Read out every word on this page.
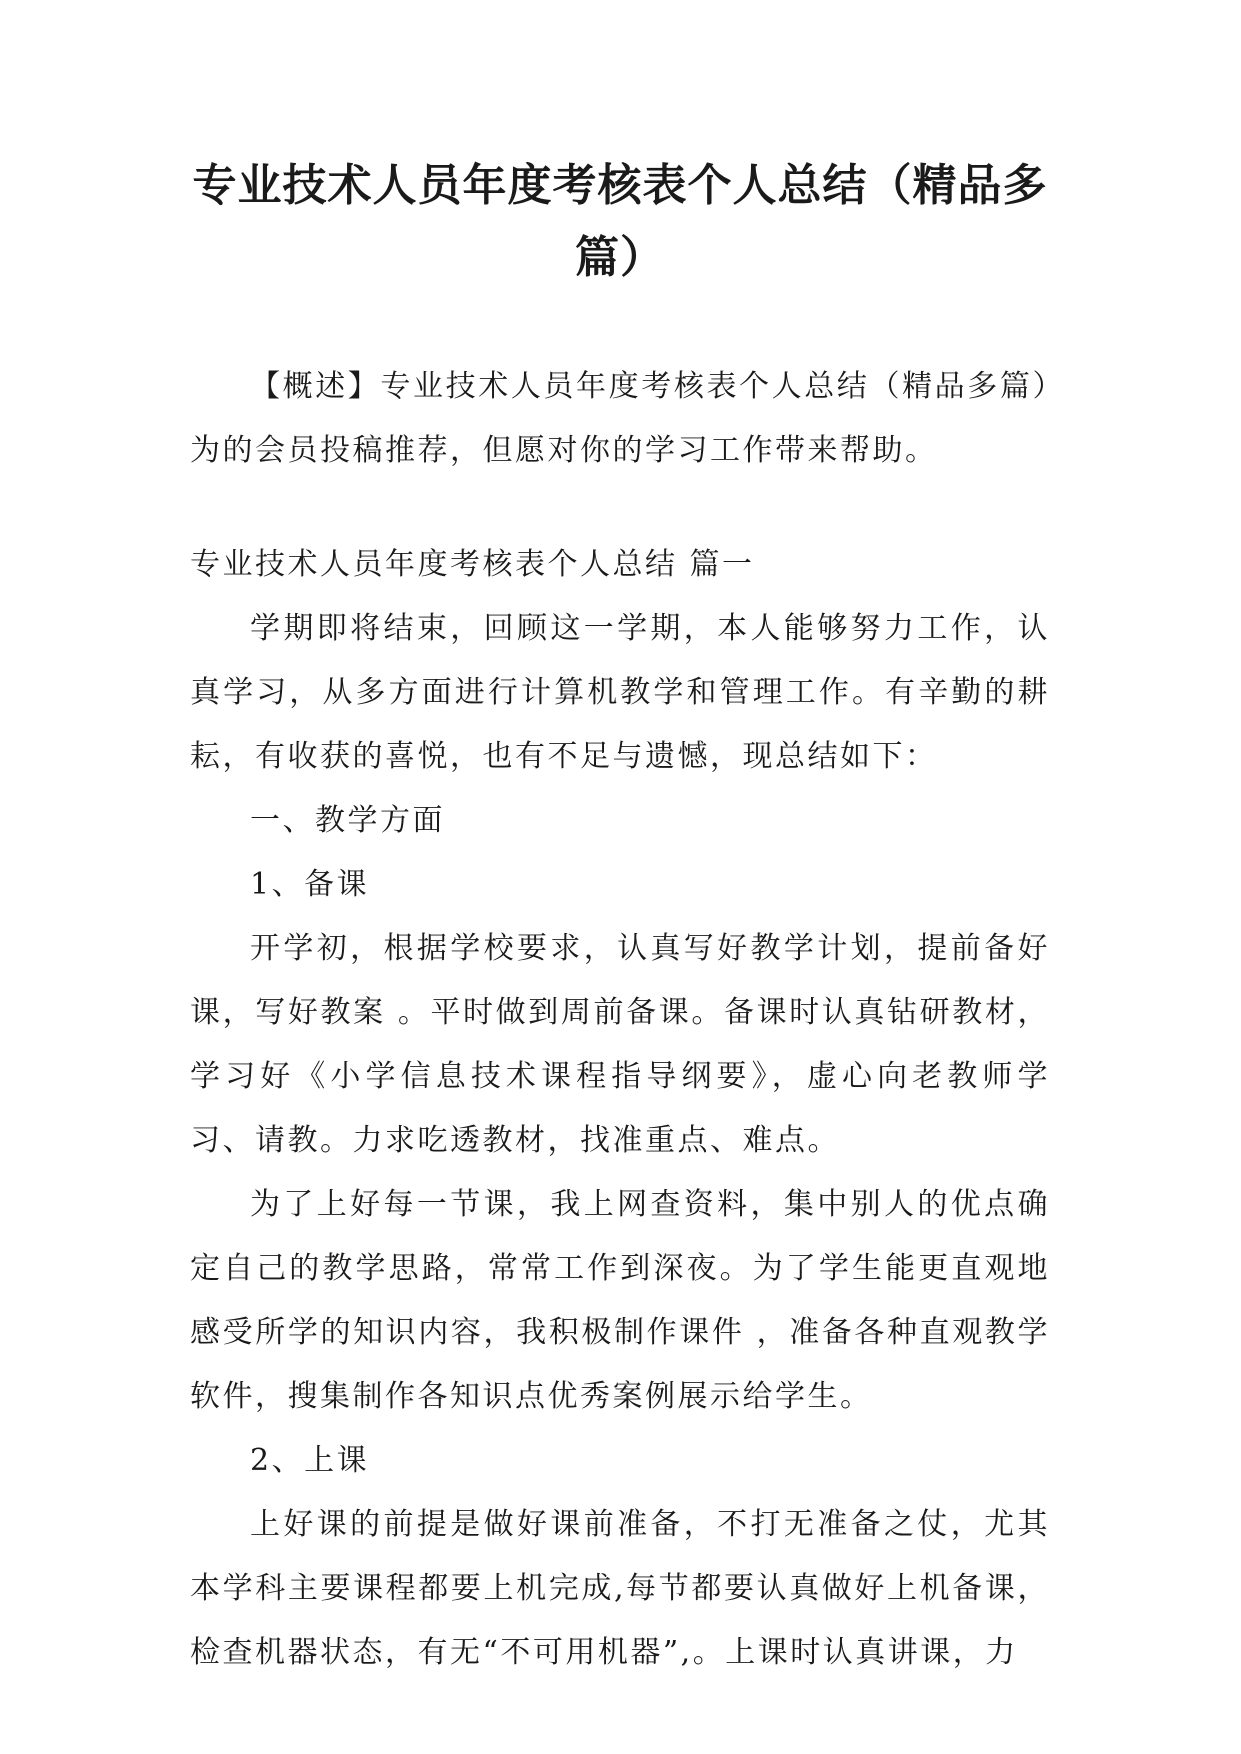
专业技术人员年度考核表个人总结（精品多篇）

【概述】专业技术人员年度考核表个人总结（精品多篇）为的会员投稿推荐，但愿对你的学习工作带来帮助。

专业技术人员年度考核表个人总结 篇一

学期即将结束，回顾这一学期，本人能够努力工作，认真学习，从多方面进行计算机教学和管理工作。有辛勤的耕耘，有收获的喜悦，也有不足与遗憾，现总结如下：

一、教学方面

1、备课

开学初，根据学校要求，认真写好教学计划，提前备好课，写好教案 。平时做到周前备课。备课时认真钻研教材，学习好《小学信息技术课程指导纲要》，虚心向老教师学习、请教。力求吃透教材，找准重点、难点。

为了上好每一节课，我上网查资料，集中别人的优点确定自己的教学思路，常常工作到深夜。为了学生能更直观地感受所学的知识内容，我积极制作课件 ，准备各种直观教学软件，搜集制作各知识点优秀案例展示给学生。

2、上课

上好课的前提是做好课前准备，不打无准备之仗，尤其本学科主要课程都要上机完成,每节都要认真做好上机备课，检查机器状态，有无“不可用机器”,。上课时认真讲课，力
